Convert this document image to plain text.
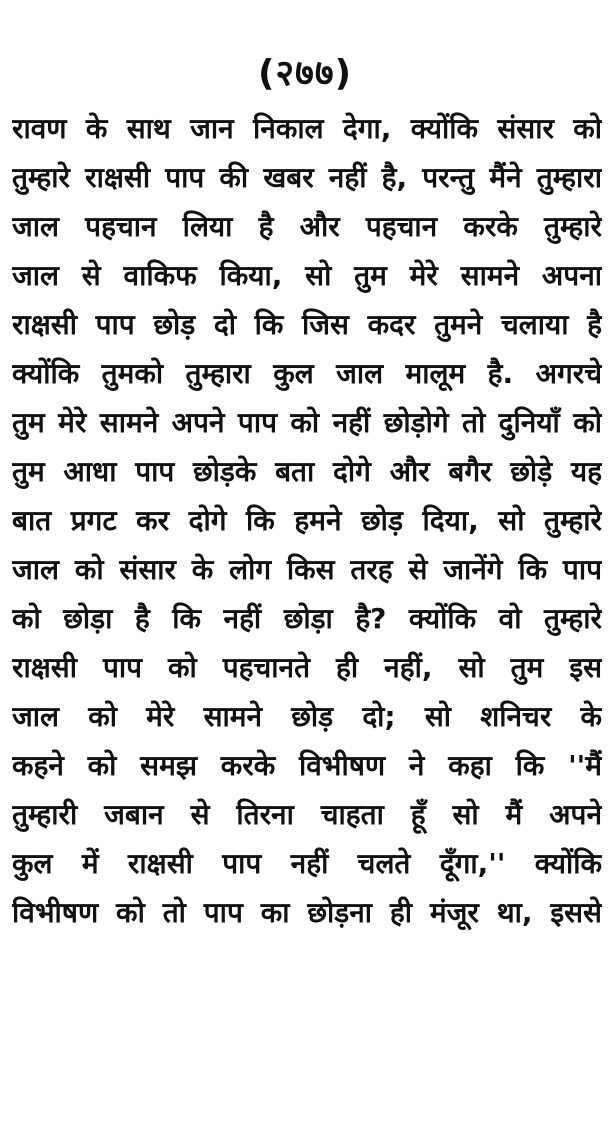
(२७७)
रावण के साथ जान निकाल देगा, क्योंकि संसार को
तुम्हारे राक्षसी पाप की खबर नहीं है, परन्तु मैंने तुम्हारा
जाल पहचान लिया है और पहचान करके तुम्हारे
जाल से वाकिफ किया, सो तुम मेरे सामने अपना
राक्षसी पाप छोड़ दो कि जिस कदर तुमने चलाया है
क्योंकि तुमको तुम्हारा कुल जाल मालूम है. अगरचे
तुम मेरे सामने अपने पाप को नहीं छोड़ोगे तो दुनियाँ को
तुम आधा पाप छोड़के बता दोगे और बगैर छोड़े यह
बात प्रगट कर दोगे कि हमने छोड़ दिया, सो तुम्हारे
जाल को संसार के लोग किस तरह से जानेंगे कि पाप
को छोड़ा है कि नहीं छोड़ा है? क्योंकि वो तुम्हारे
राक्षसी पाप को पहचानते ही नहीं, सो तुम इस
जाल को मेरे सामने छोड़ दो; सो शनिचर के
कहने को समझ करके विभीषण ने कहा कि ''मैं
तुम्हारी जबान से तिरना चाहता हूँ सो मैं अपने
कुल में राक्षसी पाप नहीं चलते दूँगा,'' क्योंकि
विभीषण को तो पाप का छोड़ना ही मंजूर था, इससे
